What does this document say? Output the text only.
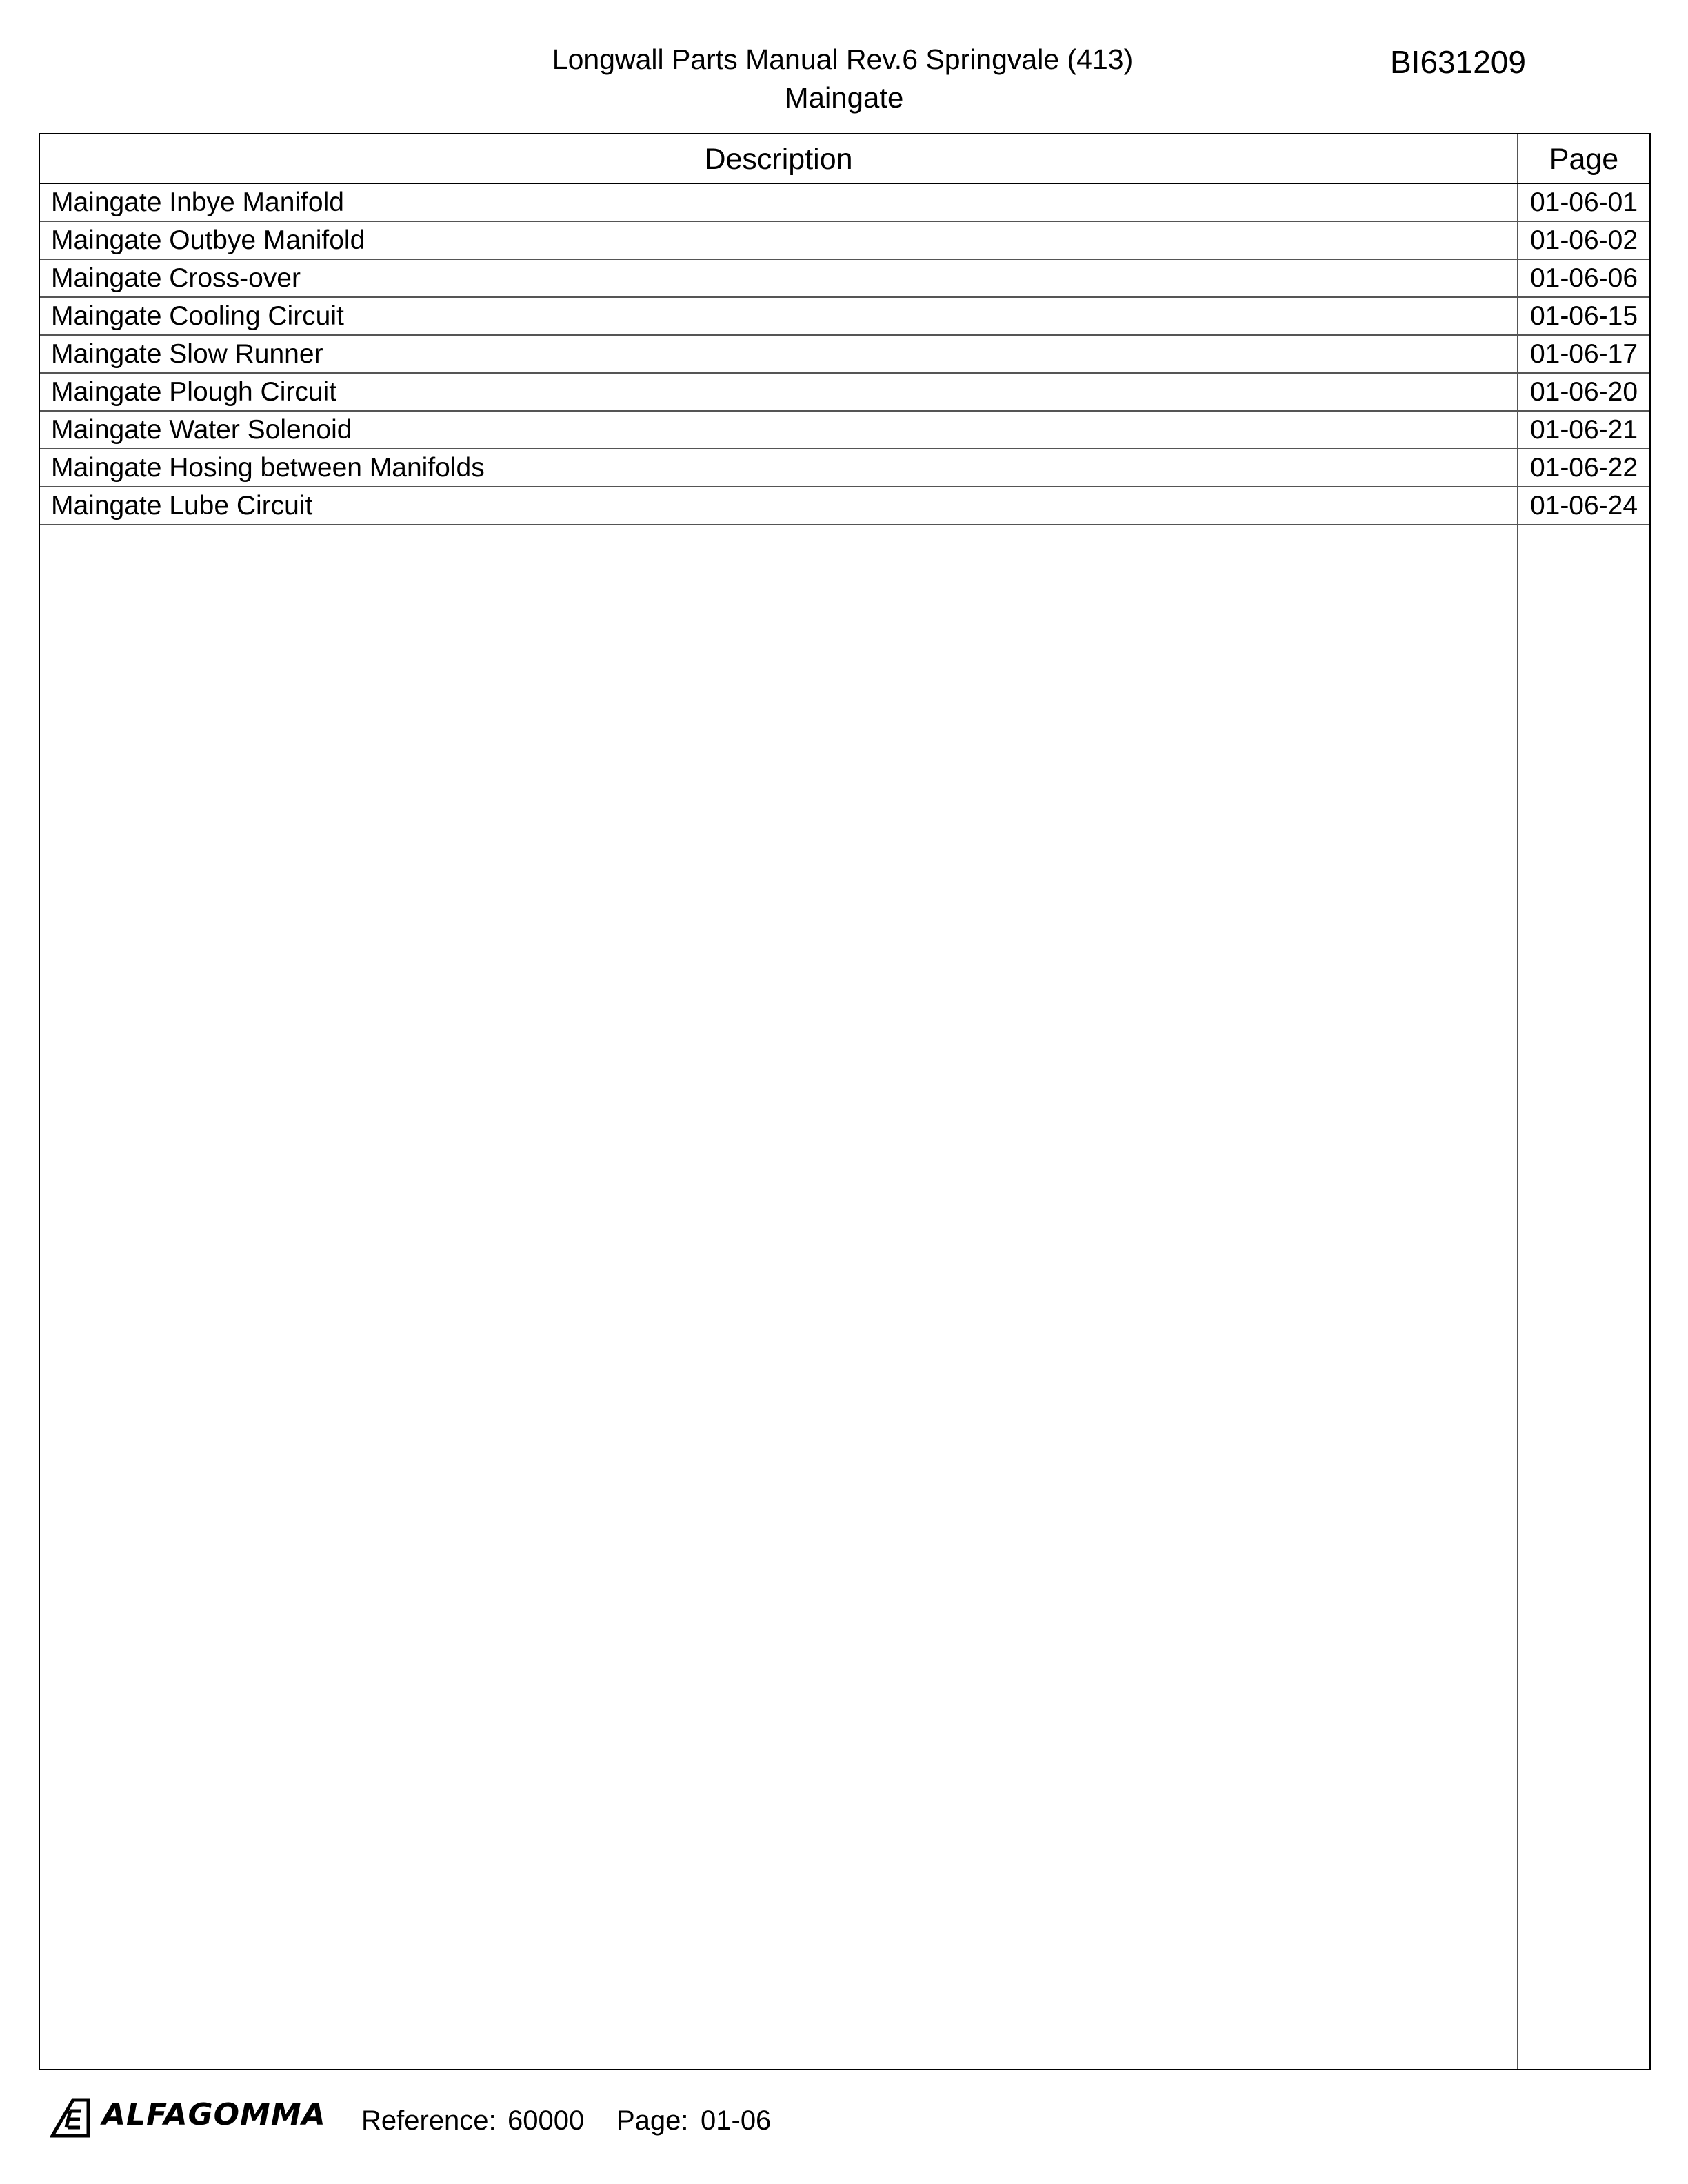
Longwall Parts Manual Rev.6 Springvale (413)
Maingate
BI631209
Description	Page
Maingate Inbye Manifold	01-06-01
Maingate Outbye Manifold	01-06-02
Maingate Cross-over	01-06-06
Maingate Cooling Circuit	01-06-15
Maingate Slow Runner	01-06-17
Maingate Plough Circuit	01-06-20
Maingate Water Solenoid	01-06-21
Maingate Hosing between Manifolds	01-06-22
Maingate Lube Circuit	01-06-24
ALFAGOMMA Reference: 60000 Page: 01-06
